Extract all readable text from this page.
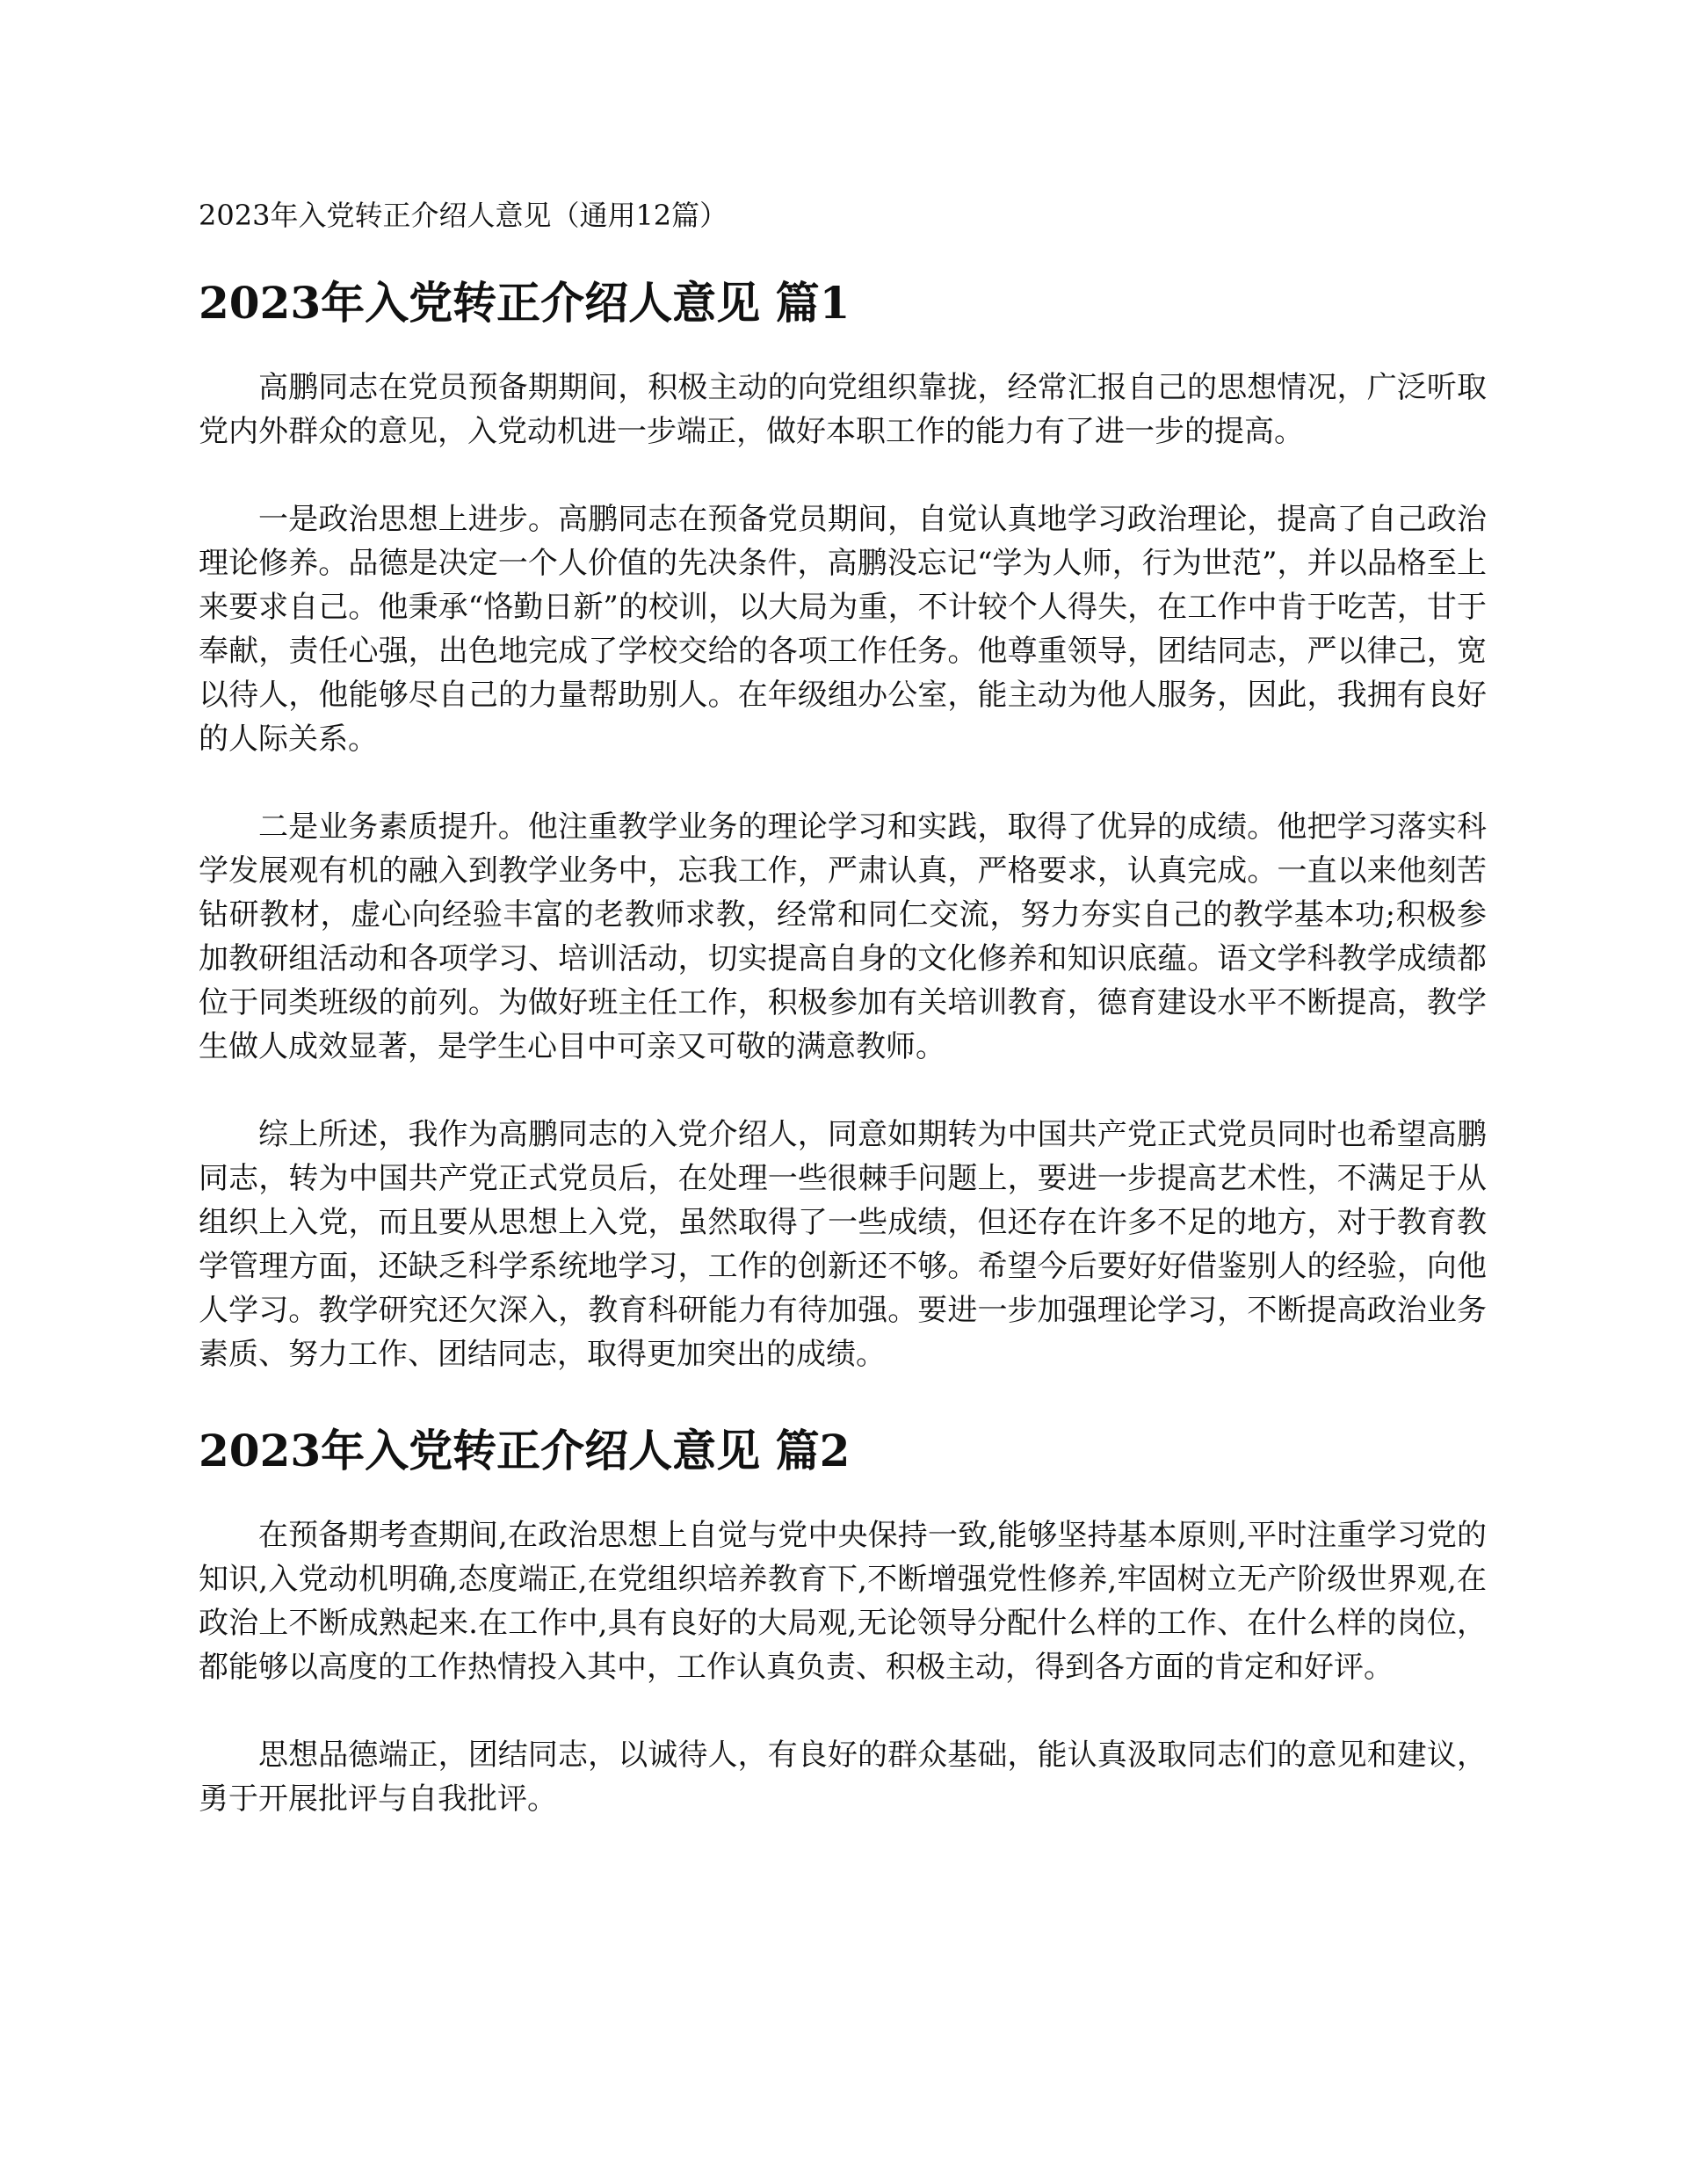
2023年入党转正介绍人意见（通用12篇）
2023年入党转正介绍人意见 篇1

高鹏同志在党员预备期期间，积极主动的向党组织靠拢，经常汇报自己的思想情况，广泛听取党内外群众的意见，入党动机进一步端正，做好本职工作的能力有了进一步的提高。

一是政治思想上进步。高鹏同志在预备党员期间，自觉认真地学习政治理论，提高了自己政治理论修养。品德是决定一个人价值的先决条件，高鹏没忘记“学为人师，行为世范”，并以品格至上来要求自己。他秉承“恪勤日新”的校训，以大局为重，不计较个人得失，在工作中肯于吃苦，甘于奉献，责任心强，出色地完成了学校交给的各项工作任务。他尊重领导，团结同志，严以律己，宽以待人，他能够尽自己的力量帮助别人。在年级组办公室，能主动为他人服务，因此，我拥有良好的人际关系。

二是业务素质提升。他注重教学业务的理论学习和实践，取得了优异的成绩。他把学习落实科学发展观有机的融入到教学业务中，忘我工作，严肃认真，严格要求，认真完成。一直以来他刻苦钻研教材，虚心向经验丰富的老教师求教，经常和同仁交流，努力夯实自己的教学基本功;积极参加教研组活动和各项学习、培训活动，切实提高自身的文化修养和知识底蕴。语文学科教学成绩都位于同类班级的前列。为做好班主任工作，积极参加有关培训教育，德育建设水平不断提高，教学生做人成效显著，是学生心目中可亲又可敬的满意教师。

综上所述，我作为高鹏同志的入党介绍人，同意如期转为中国共产党正式党员同时也希望高鹏同志，转为中国共产党正式党员后，在处理一些很棘手问题上，要进一步提高艺术性，不满足于从组织上入党，而且要从思想上入党，虽然取得了一些成绩，但还存在许多不足的地方，对于教育教学管理方面，还缺乏科学系统地学习，工作的创新还不够。希望今后要好好借鉴别人的经验，向他人学习。教学研究还欠深入，教育科研能力有待加强。要进一步加强理论学习，不断提高政治业务素质、努力工作、团结同志，取得更加突出的成绩。

2023年入党转正介绍人意见 篇2

在预备期考查期间,在政治思想上自觉与党中央保持一致,能够坚持基本原则,平时注重学习党的知识,入党动机明确,态度端正,在党组织培养教育下,不断增强党性修养,牢固树立无产阶级世界观,在政治上不断成熟起来.在工作中,具有良好的大局观,无论领导分配什么样的工作、在什么样的岗位，都能够以高度的工作热情投入其中，工作认真负责、积极主动，得到各方面的肯定和好评。

思想品德端正，团结同志，以诚待人，有良好的群众基础，能认真汲取同志们的意见和建议，勇于开展批评与自我批评。
